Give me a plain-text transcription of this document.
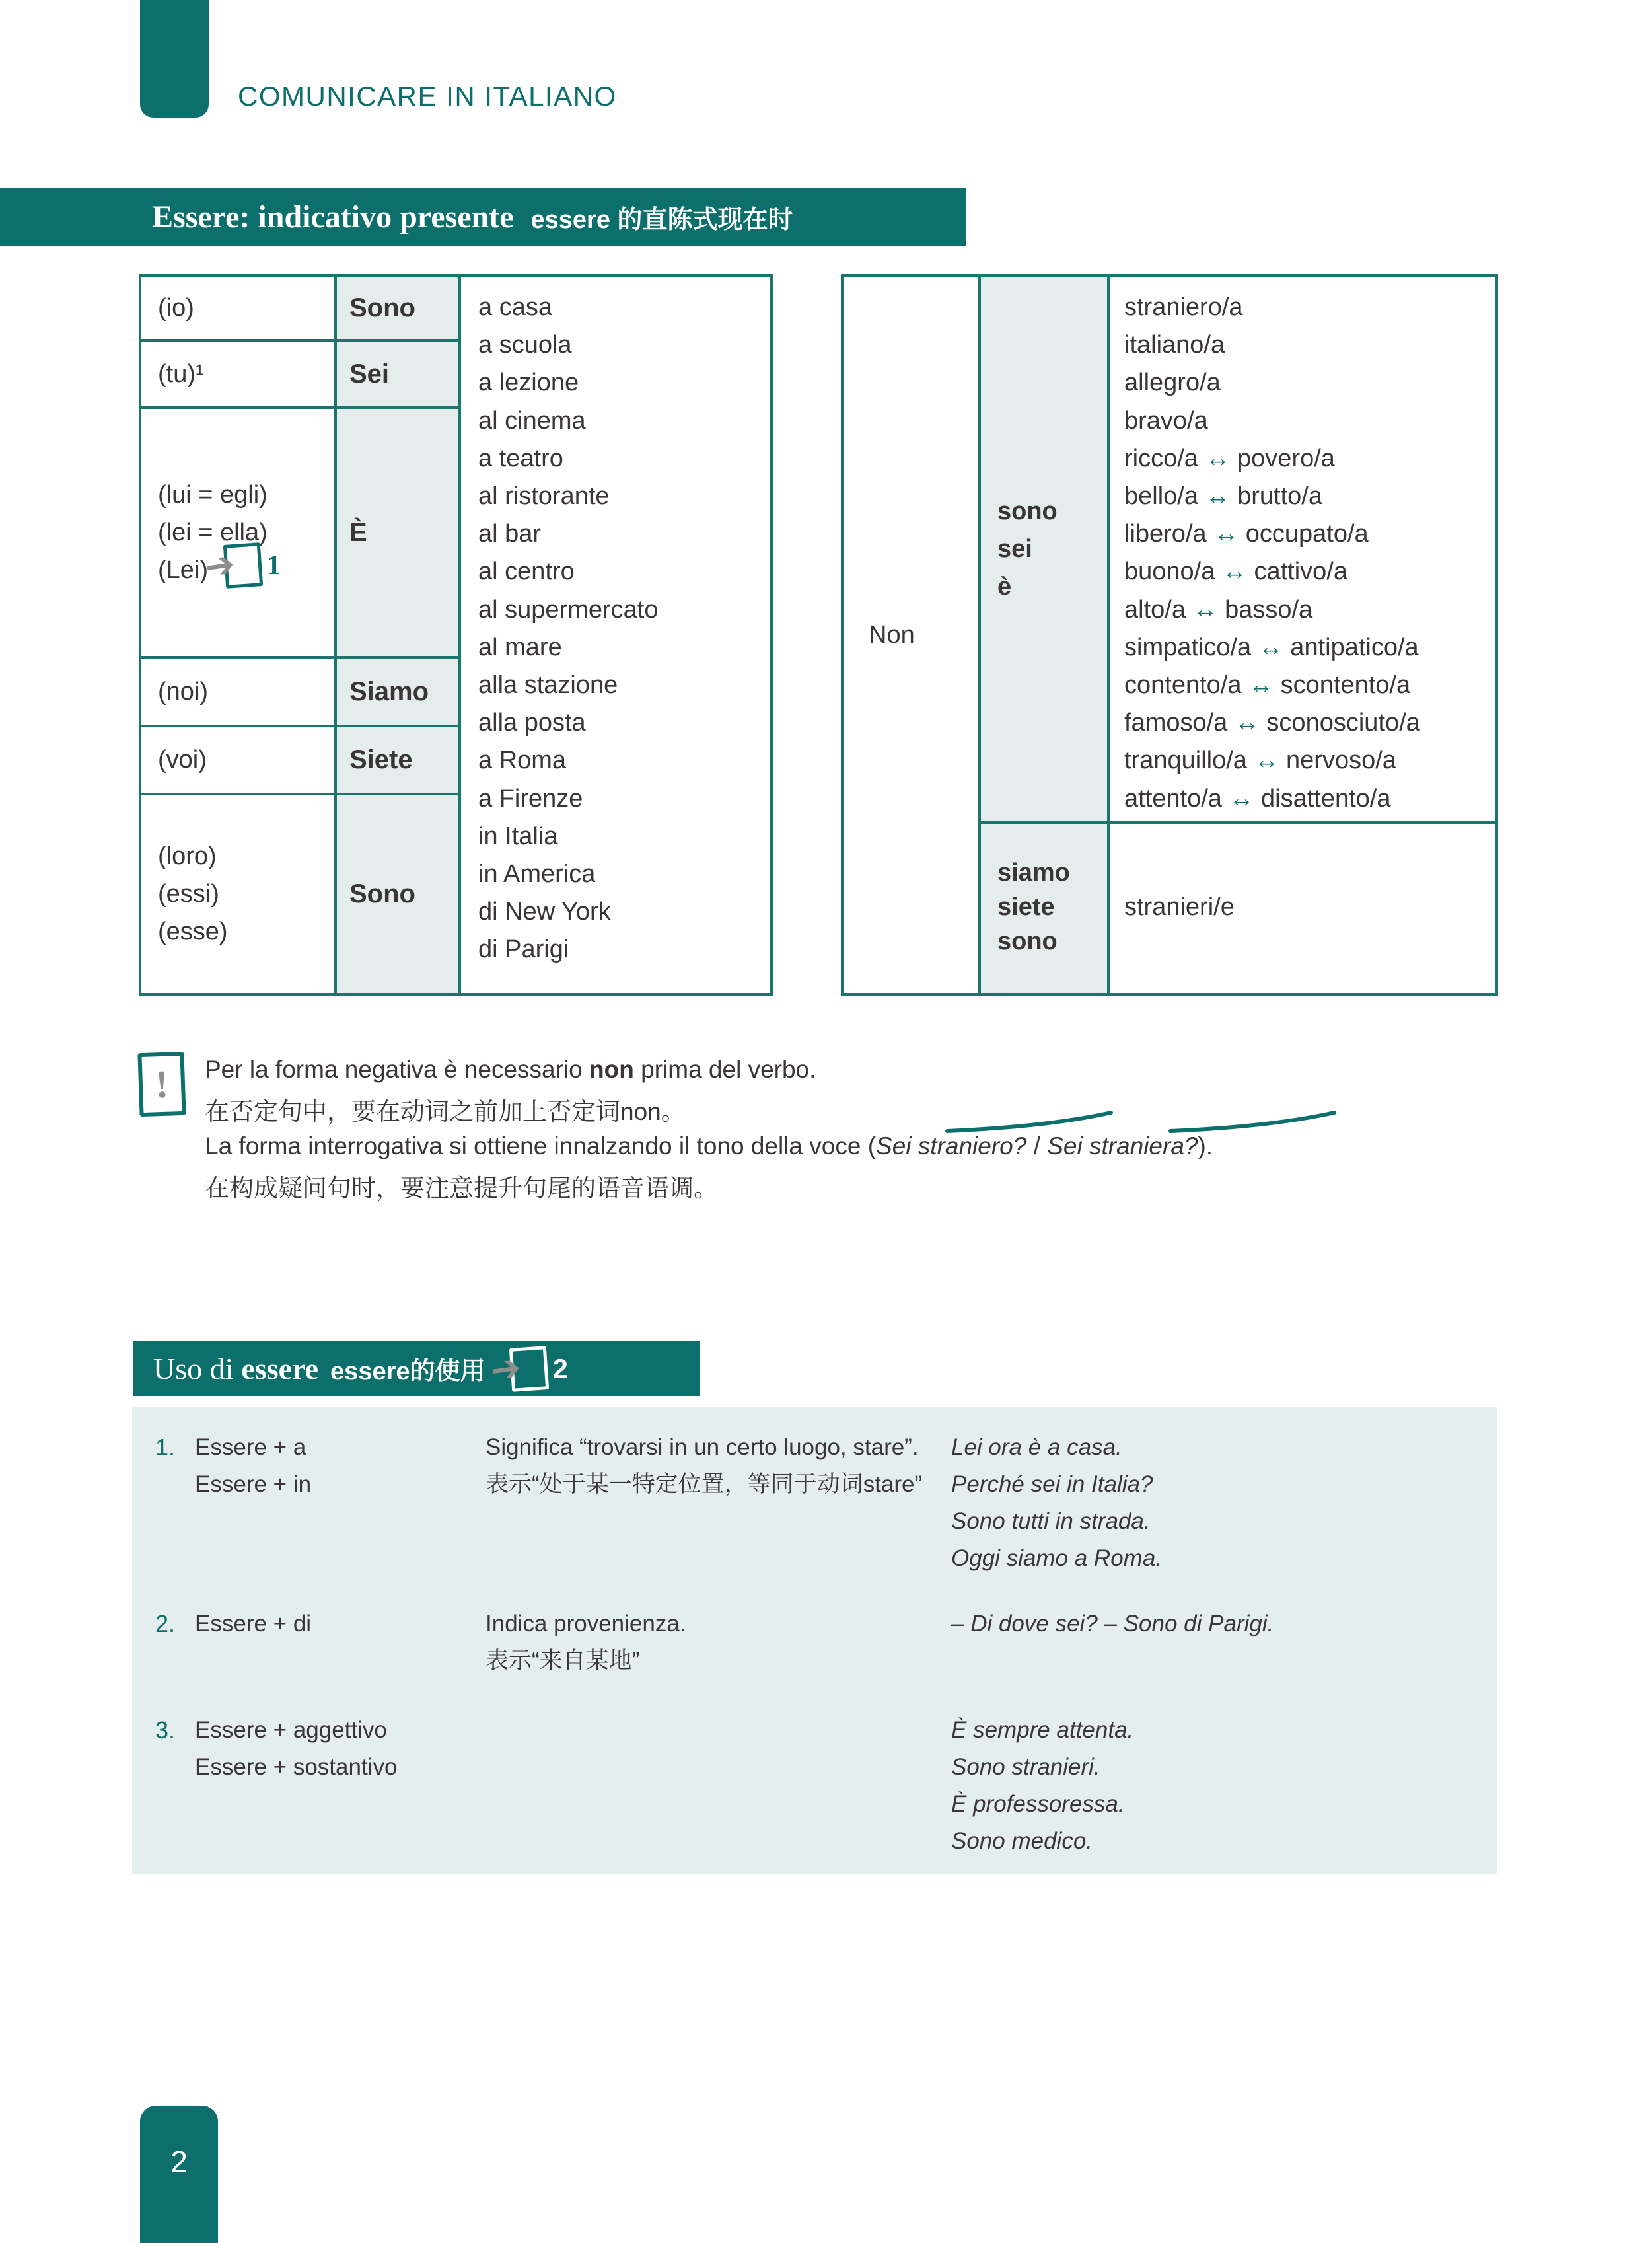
COMUNICARE IN ITALIANO
Essere: indicativo presente essere 的直陈式现在时
(io)
(tu)¹
(lui = egli)
(lei = ella)
(Lei)
(noi)
(voi)
(loro)
(essi)
(esse)
Sono
Sei
È
Siamo
Siete
Sono
a casa
a scuola
a lezione
al cinema
a teatro
al ristorante
al bar
al centro
al supermercato
al mare
alla stazione
alla posta
a Roma
a Firenze
in Italia
in America
di New York
di Parigi
➔ 1
Non
sono
sei
è
siamo
siete
sono
straniero/a
italiano/a
allegro/a
bravo/a
ricco/a ↔ povero/a
bello/a ↔ brutto/a
libero/a ↔ occupato/a
buono/a ↔ cattivo/a
alto/a ↔ basso/a
simpatico/a ↔ antipatico/a
contento/a ↔ scontento/a
famoso/a ↔ sconosciuto/a
tranquillo/a ↔ nervoso/a
attento/a ↔ disattento/a
stranieri/e
!	Per la forma negativa è necessario non prima del verbo.
在否定句中，要在动词之前加上否定词non。
La forma interrogativa si ottiene innalzando il tono della voce (Sei straniero? / Sei straniera?).
在构成疑问句时，要注意提升句尾的语音语调。
Uso di essere essere的使用 ➔ 2
1. Essere + a
Essere + in
Significa “trovarsi in un certo luogo, stare”.
表示“处于某一特定位置，等同于动词stare”
Lei ora è a casa.
Perché sei in Italia?
Sono tutti in strada.
Oggi siamo a Roma.
2. Essere + di	Indica provenienza.
表示“来自某地”
– Di dove sei? – Sono di Parigi.
3. Essere + aggettivo
Essere + sostantivo
È sempre attenta.
Sono stranieri.
È professoressa.
Sono medico.
2
